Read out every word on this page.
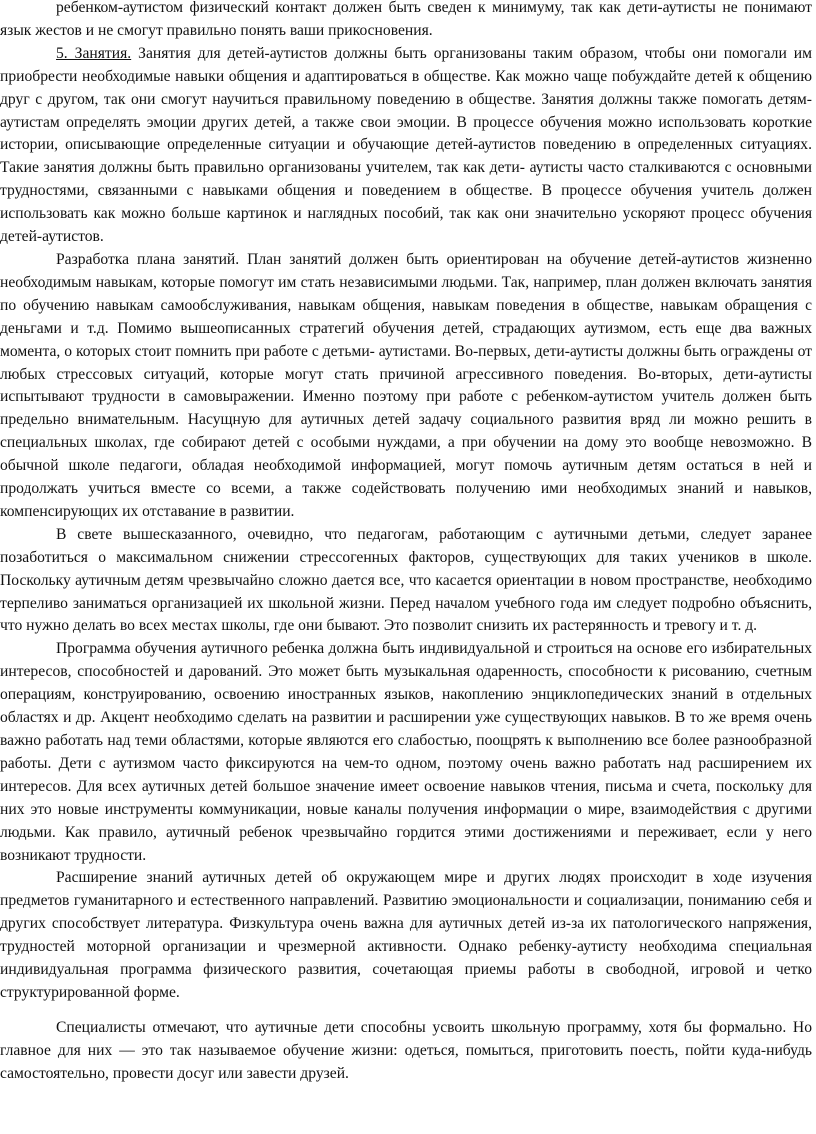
ребенком-аутистом физический контакт должен быть сведен к минимуму, так как дети-аутисты не понимают язык жестов и не смогут правильно понять ваши прикосновения.

5. Занятия. Занятия для детей-аутистов должны быть организованы таким образом, чтобы они помогали им приобрести необходимые навыки общения и адаптироваться в обществе. Как можно чаще побуждайте детей к общению друг с другом, так они смогут научиться правильному поведению в обществе. Занятия должны также помогать детям-аутистам определять эмоции других детей, а также свои эмоции. В процессе обучения можно использовать короткие истории, описывающие определенные ситуации и обучающие детей-аутистов поведению в определенных ситуациях. Такие занятия должны быть правильно организованы учителем, так как дети- аутисты часто сталкиваются с основными трудностями, связанными с навыками общения и поведением в обществе. В процессе обучения учитель должен использовать как можно больше картинок и наглядных пособий, так как они значительно ускоряют процесс обучения детей-аутистов.

Разработка плана занятий. План занятий должен быть ориентирован на обучение детей-аутистов жизненно необходимым навыкам, которые помогут им стать независимыми людьми. Так, например, план должен включать занятия по обучению навыкам самообслуживания, навыкам общения, навыкам поведения в обществе, навыкам обращения с деньгами и т.д. Помимо вышеописанных стратегий обучения детей, страдающих аутизмом, есть еще два важных момента, о которых стоит помнить при работе с детьми- аутистами. Во-первых, дети-аутисты должны быть ограждены от любых стрессовых ситуаций, которые могут стать причиной агрессивного поведения. Во-вторых, дети-аутисты испытывают трудности в самовыражении. Именно поэтому при работе с ребенком-аутистом учитель должен быть предельно внимательным. Насущную для аутичных детей задачу социального развития вряд ли можно решить в специальных школах, где собирают детей с особыми нуждами, а при обучении на дому это вообще невозможно. В обычной школе педагоги, обладая необходимой информацией, могут помочь аутичным детям остаться в ней и продолжать учиться вместе со всеми, а также содействовать получению ими необходимых знаний и навыков, компенсирующих их отставание в развитии.

В свете вышесказанного, очевидно, что педагогам, работающим с аутичными детьми, следует заранее позаботиться о максимальном снижении стрессогенных факторов, существующих для таких учеников в школе. Поскольку аутичным детям чрезвычайно сложно дается все, что касается ориентации в новом пространстве, необходимо терпеливо заниматься организацией их школьной жизни. Перед началом учебного года им следует подробно объяснить, что нужно делать во всех местах школы, где они бывают. Это позволит снизить их растерянность и тревогу и т. д.

Программа обучения аутичного ребенка должна быть индивидуальной и строиться на основе его избирательных интересов, способностей и дарований. Это может быть музыкальная одаренность, способности к рисованию, счетным операциям, конструированию, освоению иностранных языков, накоплению энциклопедических знаний в отдельных областях и др. Акцент необходимо сделать на развитии и расширении уже существующих навыков. В то же время очень важно работать над теми областями, которые являются его слабостью, поощрять к выполнению все более разнообразной работы. Дети с аутизмом часто фиксируются на чем-то одном, поэтому очень важно работать над расширением их интересов. Для всех аутичных детей большое значение имеет освоение навыков чтения, письма и счета, поскольку для них это новые инструменты коммуникации, новые каналы получения информации о мире, взаимодействия с другими людьми. Как правило, аутичный ребенок чрезвычайно гордится этими достижениями и переживает, если у него возникают трудности.

Расширение знаний аутичных детей об окружающем мире и других людях происходит в ходе изучения предметов гуманитарного и естественного направлений. Развитию эмоциональности и социализации, пониманию себя и других способствует литература. Физкультура очень важна для аутичных детей из-за их патологического напряжения, трудностей моторной организации и чрезмерной активности. Однако ребенку-аутисту необходима специальная индивидуальная программа физического развития, сочетающая приемы работы в свободной, игровой и четко структурированной форме.

Специалисты отмечают, что аутичные дети способны усвоить школьную программу, хотя бы формально. Но главное для них — это так называемое обучение жизни: одеться, помыться, приготовить поесть, пойти куда-нибудь самостоятельно, провести досуг или завести друзей.
